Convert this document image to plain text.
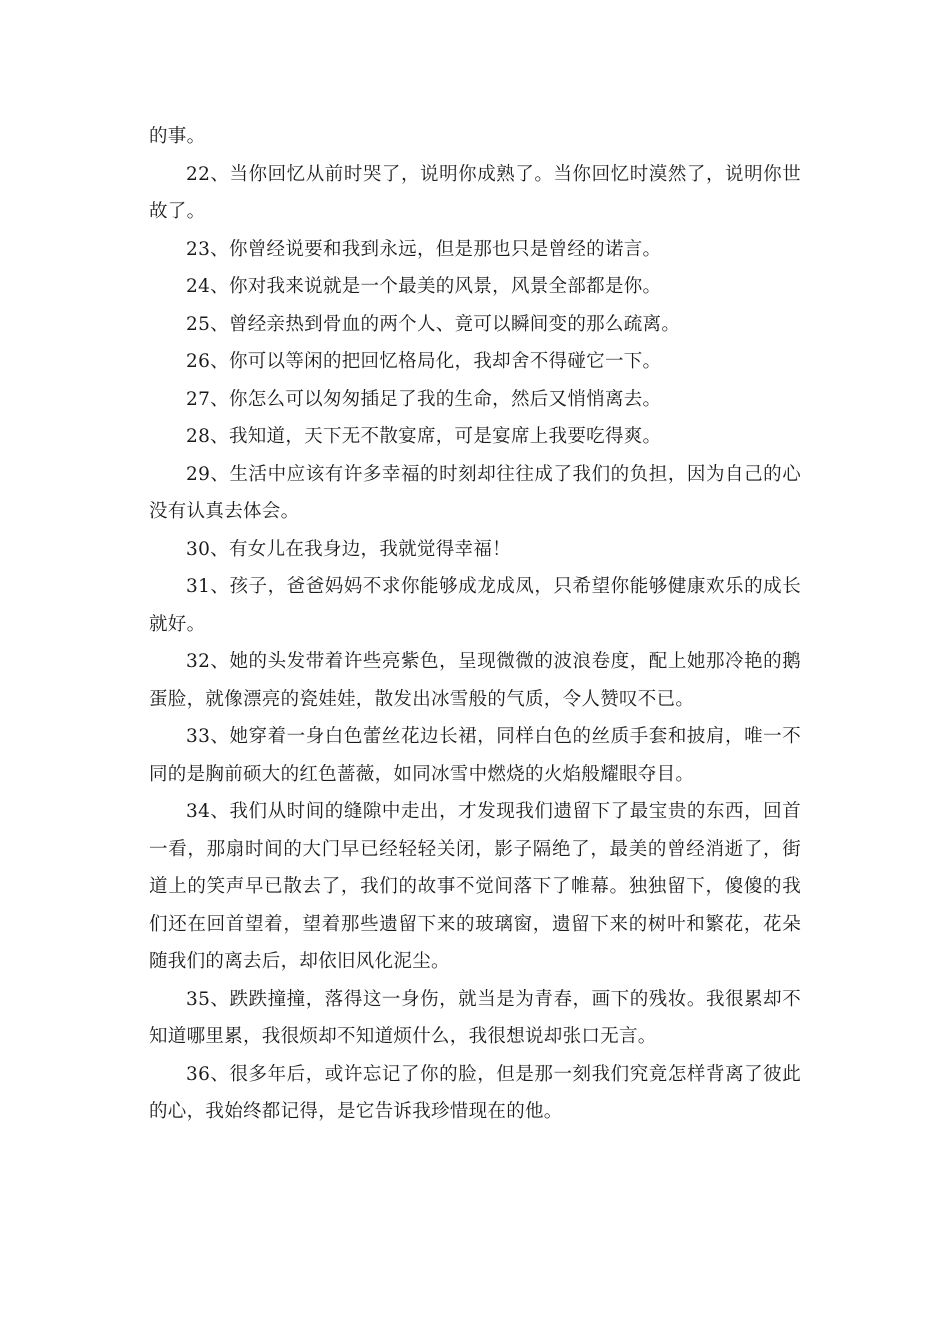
的事。

22、当你回忆从前时哭了，说明你成熟了。当你回忆时漠然了，说明你世故了。

23、你曾经说要和我到永远，但是那也只是曾经的诺言。

24、你对我来说就是一个最美的风景，风景全部都是你。

25、曾经亲热到骨血的两个人、竟可以瞬间变的那么疏离。

26、你可以等闲的把回忆格局化，我却舍不得碰它一下。

27、你怎么可以匆匆插足了我的生命，然后又悄悄离去。

28、我知道，天下无不散宴席，可是宴席上我要吃得爽。

29、生活中应该有许多幸福的时刻却往往成了我们的负担，因为自己的心没有认真去体会。

30、有女儿在我身边，我就觉得幸福！

31、孩子，爸爸妈妈不求你能够成龙成凤，只希望你能够健康欢乐的成长就好。

32、她的头发带着许些亮紫色，呈现微微的波浪卷度，配上她那冷艳的鹅蛋脸，就像漂亮的瓷娃娃，散发出冰雪般的气质，令人赞叹不已。

33、她穿着一身白色蕾丝花边长裙，同样白色的丝质手套和披肩，唯一不同的是胸前硕大的红色蔷薇，如同冰雪中燃烧的火焰般耀眼夺目。

34、我们从时间的缝隙中走出，才发现我们遗留下了最宝贵的东西，回首一看，那扇时间的大门早已经轻轻关闭，影子隔绝了，最美的曾经消逝了，街道上的笑声早已散去了，我们的故事不觉间落下了帷幕。独独留下，傻傻的我们还在回首望着，望着那些遗留下来的玻璃窗，遗留下来的树叶和繁花，花朵随我们的离去后，却依旧风化泥尘。

35、跌跌撞撞，落得这一身伤，就当是为青春，画下的残妆。我很累却不知道哪里累，我很烦却不知道烦什么，我很想说却张口无言。

36、很多年后，或许忘记了你的脸，但是那一刻我们究竟怎样背离了彼此的心，我始终都记得，是它告诉我珍惜现在的他。
